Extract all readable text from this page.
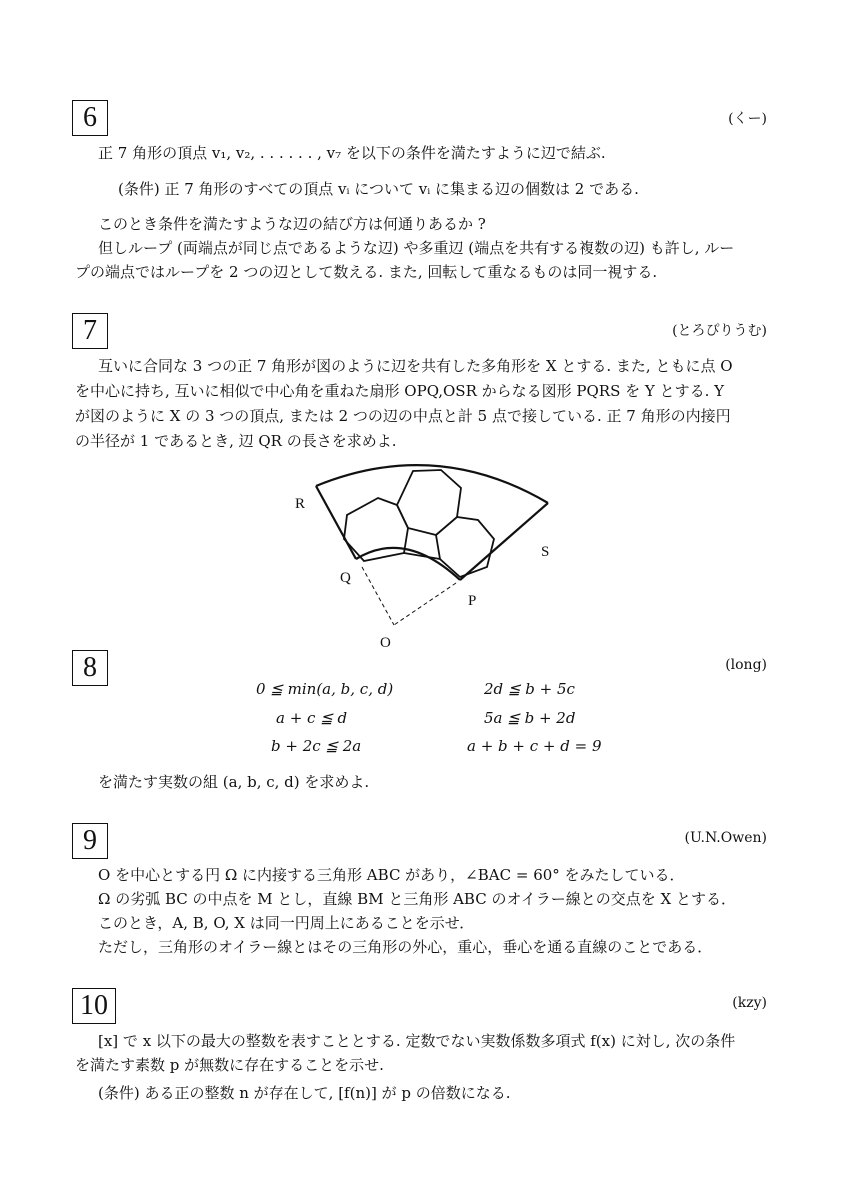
6	(くー)
正 7 角形の頂点 v₁, v₂, . . . . . . , v₇ を以下の条件を満たすように辺で結ぶ.
(条件) 正 7 角形のすべての頂点 vᵢ について vᵢ に集まる辺の個数は 2 である.
このとき条件を満たすような辺の結び方は何通りあるか ?
但しループ (両端点が同じ点であるような辺) や多重辺 (端点を共有する複数の辺) も許し, ルー
プの端点ではループを 2 つの辺として数える. また, 回転して重なるものは同一視する.
7	(とろぴりうむ)
互いに合同な 3 つの正 7 角形が図のように辺を共有した多角形を X とする. また, ともに点 O
を中心に持ち, 互いに相似で中心角を重ねた扇形 OPQ,OSR からなる図形 PQRS を Y とする. Y
が図のように X の 3 つの頂点, または 2 つの辺の中点と計 5 点で接している. 正 7 角形の内接円
の半径が 1 であるとき, 辺 QR の長さを求めよ.
R
S
Q
P
O
8	(long)
0 ≦ min(a, b, c, d)
a + c ≦ d
b + 2c ≦ 2a
2d ≦ b + 5c
5a ≦ b + 2d
a + b + c + d = 9
を満たす実数の組 (a, b, c, d) を求めよ.
9	(U.N.Owen)
O を中心とする円 Ω に内接する三角形 ABC があり，∠BAC = 60° をみたしている．
Ω の劣弧 BC の中点を M とし，直線 BM と三角形 ABC のオイラー線との交点を X とする．
このとき，A, B, O, X は同一円周上にあることを示せ．
ただし，三角形のオイラー線とはその三角形の外心，重心，垂心を通る直線のことである．
10	(kzy)
[x] で x 以下の最大の整数を表すこととする. 定数でない実数係数多項式 f(x) に対し, 次の条件
を満たす素数 p が無数に存在することを示せ.
(条件) ある正の整数 n が存在して, [f(n)] が p の倍数になる.
